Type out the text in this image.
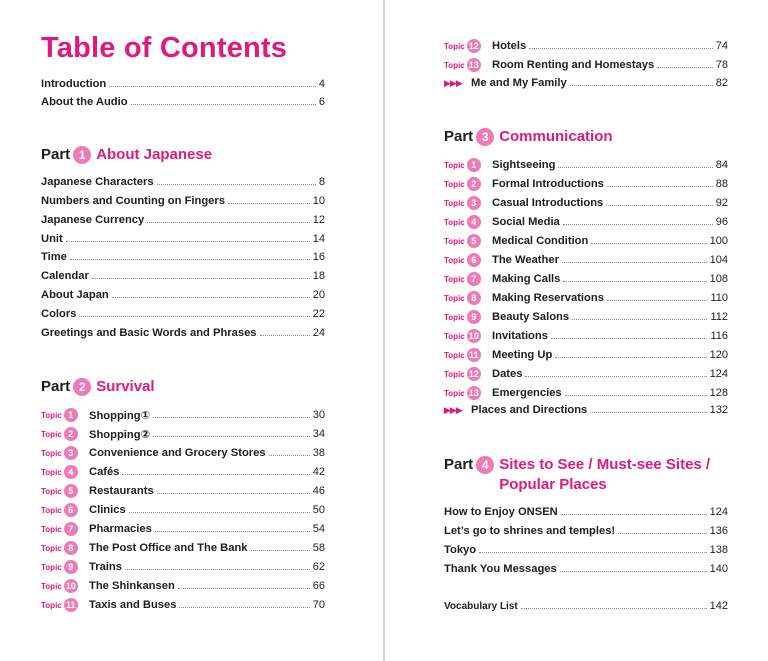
Table of Contents
Introduction	4
About the Audio	6
Part 1 About Japanese
Japanese Characters	8
Numbers and Counting on Fingers	10
Japanese Currency	12
Unit	14
Time	16
Calendar	18
About Japan	20
Colors	22
Greetings and Basic Words and Phrases	24
Part 2 Survival
Topic 1	Shopping①	30
Topic 2	Shopping②	34
Topic 3	Convenience and Grocery Stores	38
Topic 4	Cafés	42
Topic 5	Restaurants	46
Topic 6	Clinics	50
Topic 7	Pharmacies	54
Topic 8	The Post Office and The Bank	58
Topic 9	Trains	62
Topic 10 The Shinkansen	66
Topic 11 Taxis and Buses	70
Topic 12 Hotels	74
Topic 13 Room Renting and Homestays	78
▶▶▶ Me and My Family	82
Part 3 Communication
Topic 1	Sightseeing	84
Topic 2	Formal Introductions	88
Topic 3	Casual Introductions	92
Topic 4	Social Media	96
Topic 5	Medical Condition	100
Topic 6	The Weather	104
Topic 7	Making Calls	108
Topic 8	Making Reservations	110
Topic 9	Beauty Salons	112
Topic 10 Invitations	116
Topic 11 Meeting Up	120
Topic 12 Dates	124
Topic 13 Emergencies	128
▶▶▶ Places and Directions	132
Part 4 Sites to See / Must-see Sites /
Popular Places
How to Enjoy ONSEN	124
Let’s go to shrines and temples!	136
Tokyo	138
Thank You Messages	140
Vocabulary List	142
